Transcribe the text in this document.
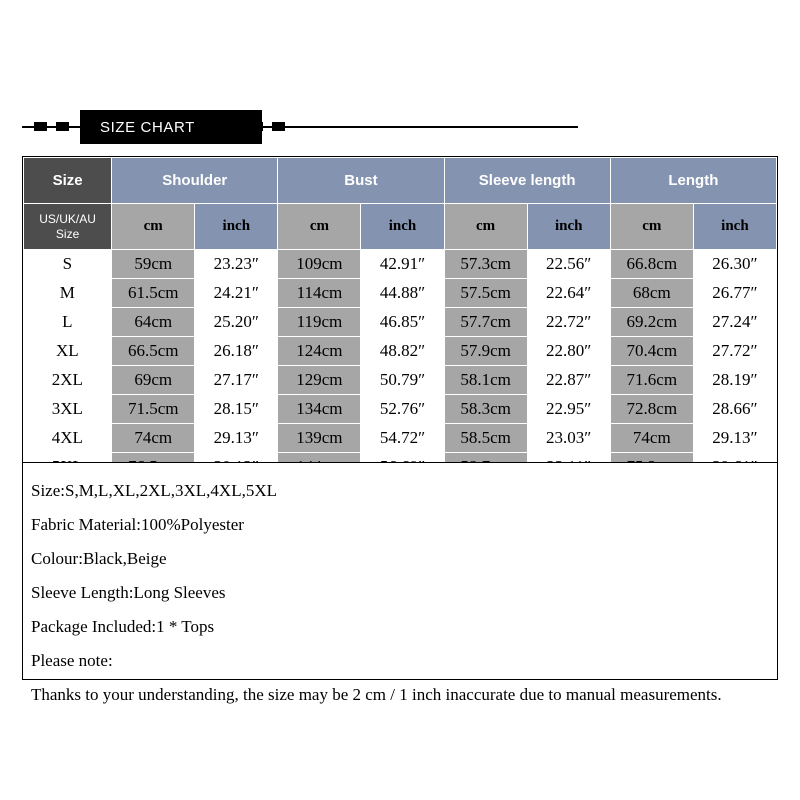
SIZE CHART
Size	Shoulder		Bust		Sleeve length		Length	

US/UK/AU
Size	cm	inch	cm	inch	cm	inch	cm	inch
S	59cm	23.23″	109cm	42.91″	57.3cm	22.56″	66.8cm	26.30″
M	61.5cm	24.21″	114cm	44.88″	57.5cm	22.64″	68cm	26.77″
L	64cm	25.20″	119cm	46.85″	57.7cm	22.72″	69.2cm	27.24″
XL	66.5cm	26.18″	124cm	48.82″	57.9cm	22.80″	70.4cm	27.72″
2XL	69cm	27.17″	129cm	50.79″	58.1cm	22.87″	71.6cm	28.19″
3XL	71.5cm	28.15″	134cm	52.76″	58.3cm	22.95″	72.8cm	28.66″
4XL	74cm	29.13″	139cm	54.72″	58.5cm	23.03″	74cm	29.13″

Size:S,M,L,XL,2XL,3XL,4XL,5XL

Fabric Material:100%Polyester

Colour:Black,Beige

Sleeve Length:Long Sleeves

Package Included:1 * Tops

Please note:

Thanks to your understanding, the size may be 2 cm / 1 inch inaccurate due to manual measurements.
